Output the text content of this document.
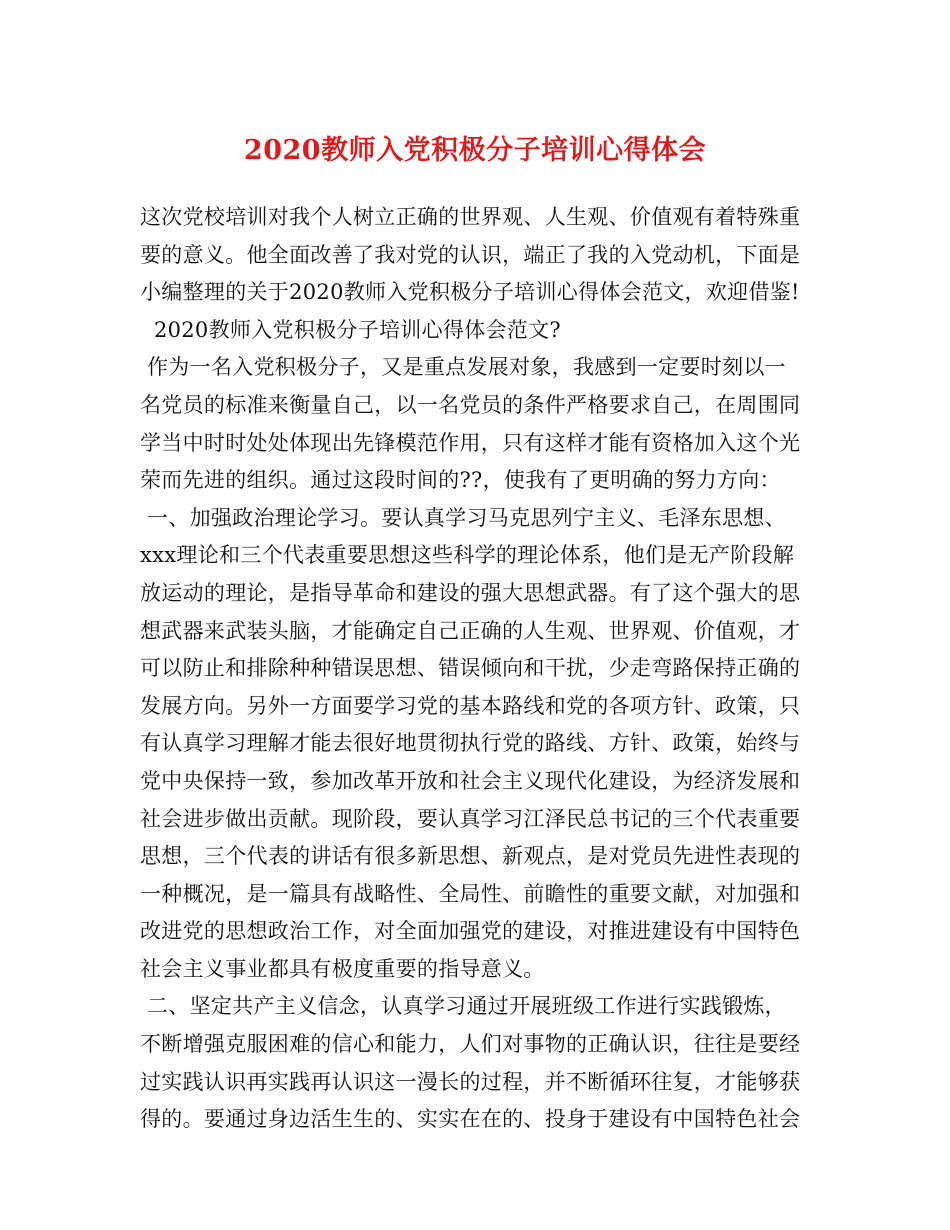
2020教师入党积极分子培训心得体会
这次党校培训对我个人树立正确的世界观、人生观、价值观有着特殊重
要的意义。他全面改善了我对党的认识，端正了我的入党动机，下面是
小编整理的关于2020教师入党积极分子培训心得体会范文，欢迎借鉴!
2020教师入党积极分子培训心得体会范文?
作为一名入党积极分子，又是重点发展对象，我感到一定要时刻以一
名党员的标准来衡量自己，以一名党员的条件严格要求自己，在周围同
学当中时时处处体现出先锋模范作用，只有这样才能有资格加入这个光
荣而先进的组织。通过这段时间的??，使我有了更明确的努力方向：
一、加强政治理论学习。要认真学习马克思列宁主义、毛泽东思想、
xxx理论和三个代表重要思想这些科学的理论体系，他们是无产阶段解
放运动的理论，是指导革命和建设的强大思想武器。有了这个强大的思
想武器来武装头脑，才能确定自己正确的人生观、世界观、价值观，才
可以防止和排除种种错误思想、错误倾向和干扰，少走弯路保持正确的
发展方向。另外一方面要学习党的基本路线和党的各项方针、政策，只
有认真学习理解才能去很好地贯彻执行党的路线、方针、政策，始终与
党中央保持一致，参加改革开放和社会主义现代化建设，为经济发展和
社会进步做出贡献。现阶段，要认真学习江泽民总书记的三个代表重要
思想，三个代表的讲话有很多新思想、新观点，是对党员先进性表现的
一种概况，是一篇具有战略性、全局性、前瞻性的重要文献，对加强和
改进党的思想政治工作，对全面加强党的建设，对推进建设有中国特色
社会主义事业都具有极度重要的指导意义。
二、坚定共产主义信念，认真学习通过开展班级工作进行实践锻炼，
不断增强克服困难的信心和能力，人们对事物的正确认识，往往是要经
过实践认识再实践再认识这一漫长的过程，并不断循环往复，才能够获
得的。要通过身边活生生的、实实在在的、投身于建设有中国特色社会
